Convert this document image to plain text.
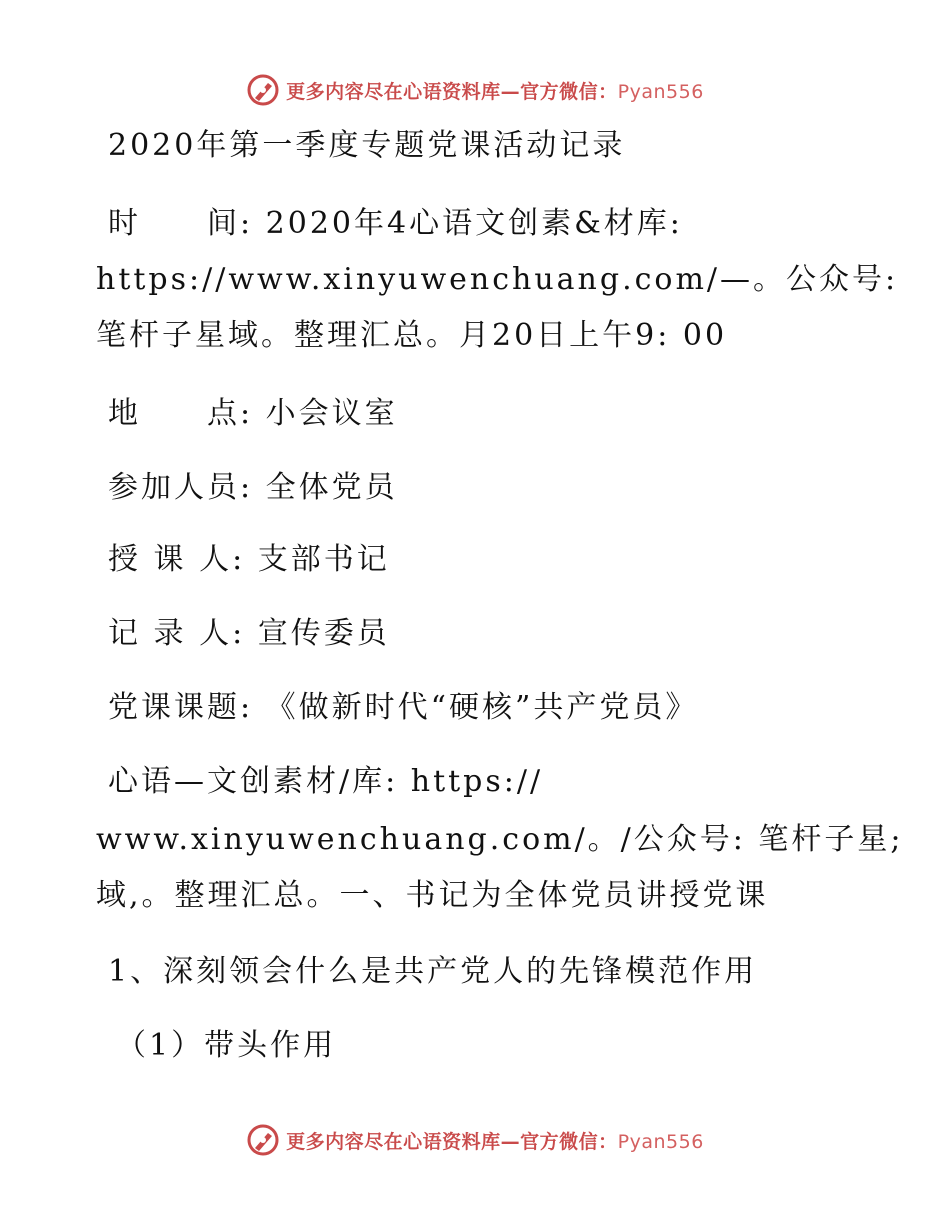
更多内容尽在心语资料库—官方微信：Pyan556
2020年第一季度专题党课活动记录
时　　间: 2020年4心语文创素&材库:
https://www.xinyuwenchuang.com/—。公众号:
笔杆子星域。整理汇总。月20日上午9: 00
地　　点: 小会议室
参加人员: 全体党员
授 课 人: 支部书记
记 录 人: 宣传委员
党课课题: 《做新时代“硬核”共产党员》
心语—文创素材/库: https://
www.xinyuwenchuang.com/。/公众号: 笔杆子星;
域,。整理汇总。一、书记为全体党员讲授党课
1、深刻领会什么是共产党人的先锋模范作用
（1）带头作用
更多内容尽在心语资料库—官方微信：Pyan556
